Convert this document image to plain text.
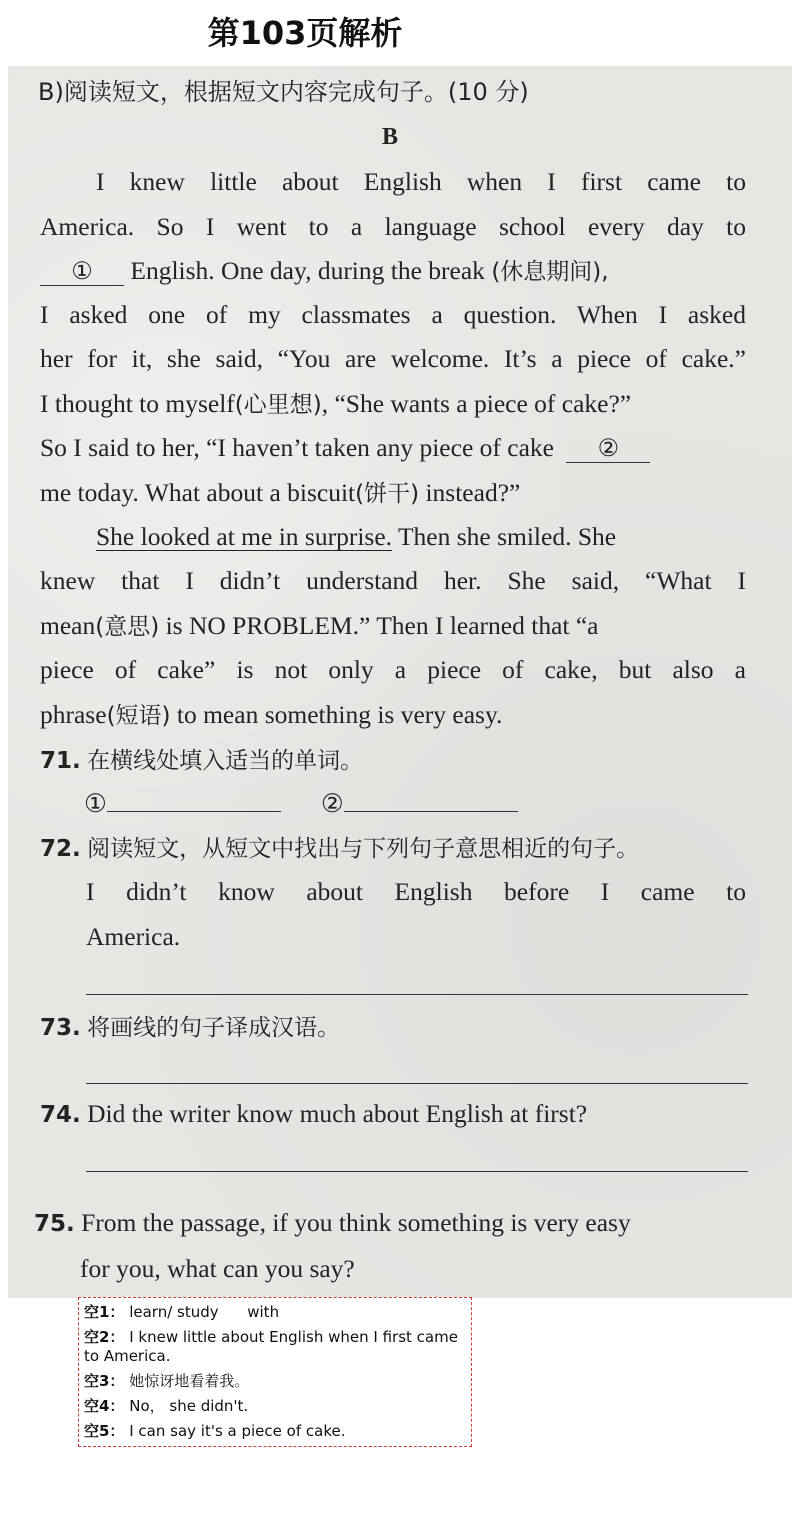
第103页解析
B)阅读短文，根据短文内容完成句子。(10 分)
B
I knew little about English when I first came to
America. So I went to a language school every day to
① English. One day, during the break (休息期间),
I asked one of my classmates a question. When I asked
her for it, she said, “You are welcome. It’s a piece of cake.”
I thought to myself(心里想), “She wants a piece of cake?”
So I said to her, “I haven’t taken any piece of cake ②
me today. What about a biscuit(饼干) instead?”
She looked at me in surprise. Then she smiled. She
knew that I didn’t understand her. She said, “What I
mean(意思) is NO PROBLEM.” Then I learned that “a
piece of cake” is not only a piece of cake, but also a
phrase(短语) to mean something is very easy.
71. 在横线处填入适当的单词。
①	②
72. 阅读短文，从短文中找出与下列句子意思相近的句子。
I didn’t know about English before I came to
America.
73. 将画线的句子译成汉语。
74. Did the writer know much about English at first?
75. From the passage, if you think something is very easy
for you, what can you say?
空1： learn/ study      with
空2： I knew little about English when I first came to America.
空3： 她惊讶地看着我。
空4： No， she didn't.
空5： I can say it's a piece of cake.
